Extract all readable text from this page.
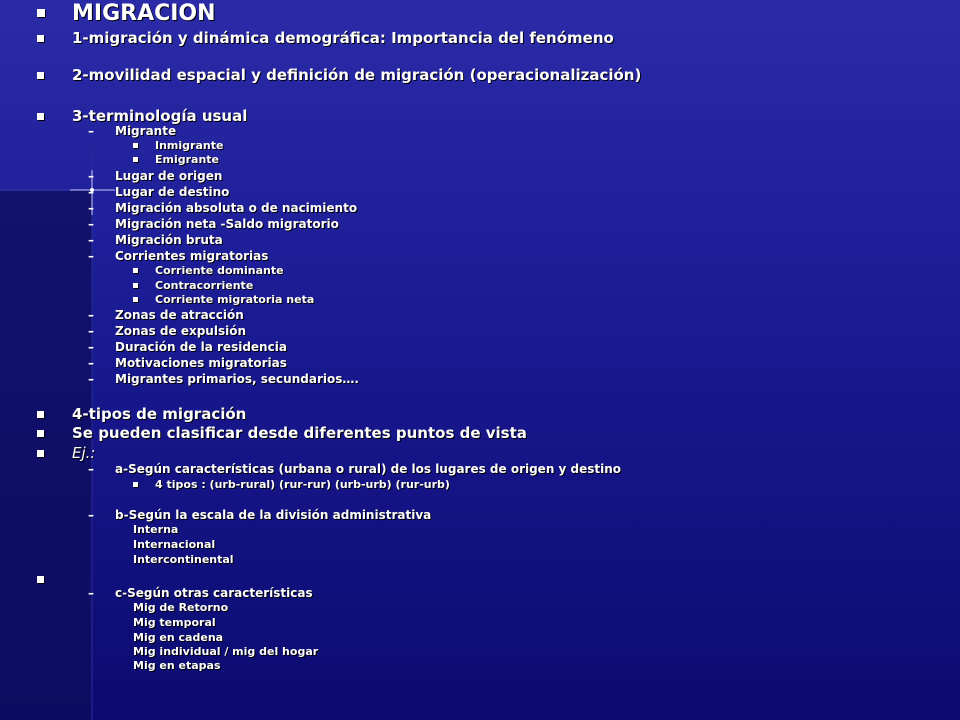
MIGRACION
1-migración y dinámica demográfica: Importancia del fenómeno
2-movilidad espacial y definición de migración (operacionalización)
3-terminología usual
– Migrante
Inmigrante
Emigrante
– Lugar de origen
– Lugar de destino
– Migración absoluta o de nacimiento
– Migración neta -Saldo migratorio
– Migración bruta
– Corrientes migratorias
Corriente dominante
Contracorriente
Corriente migratoria neta
– Zonas de atracción
– Zonas de expulsión
– Duración de la residencia
– Motivaciones migratorias
– Migrantes primarios, secundarios….
4-tipos de migración
Se pueden clasificar desde diferentes puntos de vista
Ej.:
– a-Según características (urbana o rural) de los lugares de origen y destino
4 tipos : (urb-rural) (rur-rur) (urb-urb) (rur-urb)
– b-Según la escala de la división administrativa
Interna
Internacional
Intercontinental
– c-Según otras características
Mig de Retorno
Mig temporal
Mig en cadena
Mig individual / mig del hogar
Mig en etapas
